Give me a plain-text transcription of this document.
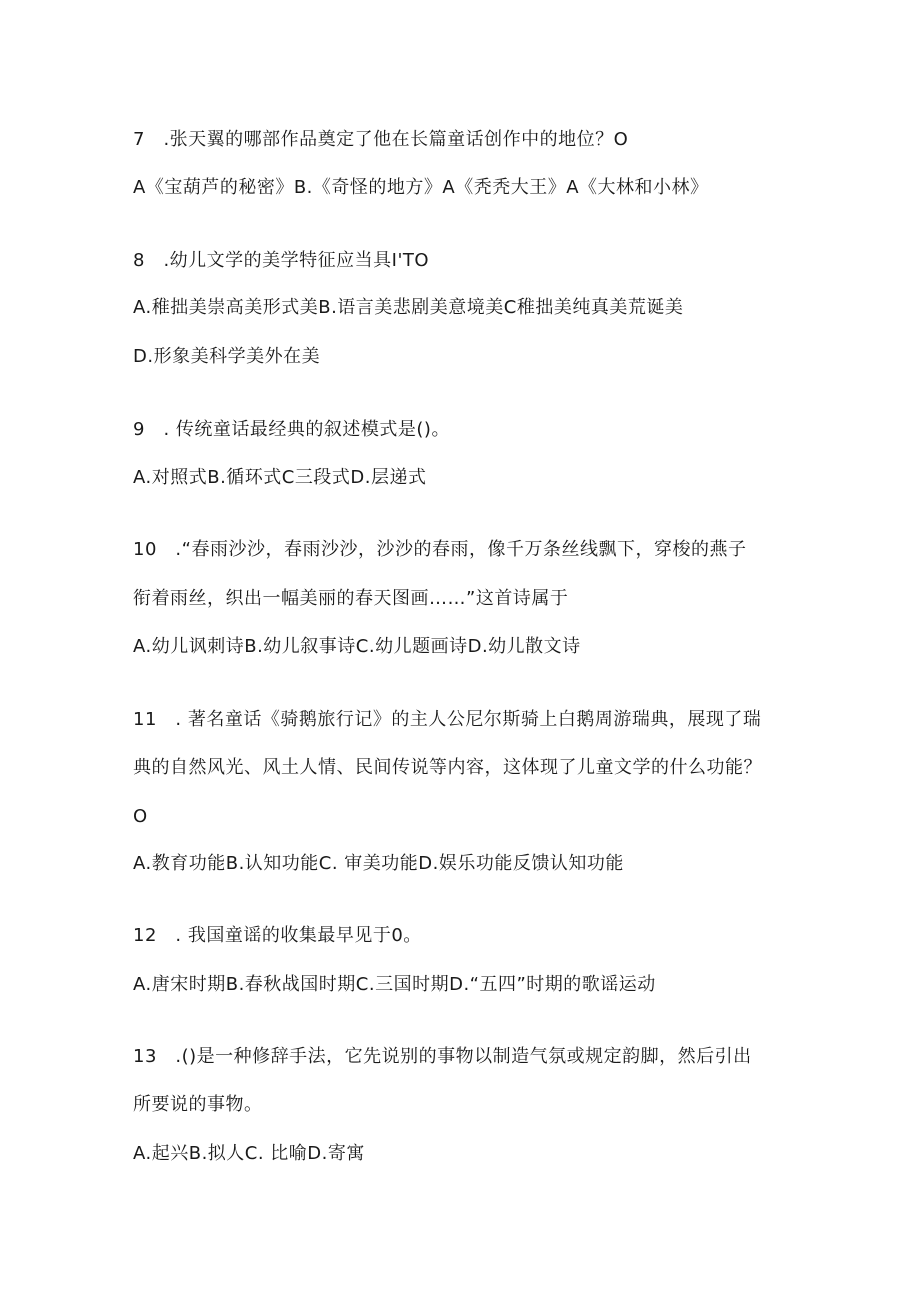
7　.张天翼的哪部作品奠定了他在长篇童话创作中的地位？O
A《宝葫芦的秘密》B.《奇怪的地方》A《秃秃大王》A《大林和小林》
8　.幼儿文学的美学特征应当具I'TO
A.稚拙美崇高美形式美B.语言美悲剧美意境美C稚拙美纯真美荒诞美
D.形象美科学美外在美
9　. 传统童话最经典的叙述模式是()。
A.对照式B.循环式C三段式D.层递式
10　.“春雨沙沙，春雨沙沙，沙沙的春雨，像千万条丝线飘下，穿梭的燕子
衔着雨丝，织出一幅美丽的春天图画……”这首诗属于
A.幼儿讽刺诗B.幼儿叙事诗C.幼儿题画诗D.幼儿散文诗
11　. 著名童话《骑鹅旅行记》的主人公尼尔斯骑上白鹅周游瑞典，展现了瑞
典的自然风光、风土人情、民间传说等内容，这体现了儿童文学的什么功能？
O
A.教育功能B.认知功能C. 审美功能D.娱乐功能反馈认知功能
12　. 我国童谣的收集最早见于0。
A.唐宋时期B.春秋战国时期C.三国时期D.“五四”时期的歌谣运动
13　.()是一种修辞手法，它先说别的事物以制造气氛或规定韵脚，然后引出
所要说的事物。
A.起兴B.拟人C. 比喻D.寄寓
